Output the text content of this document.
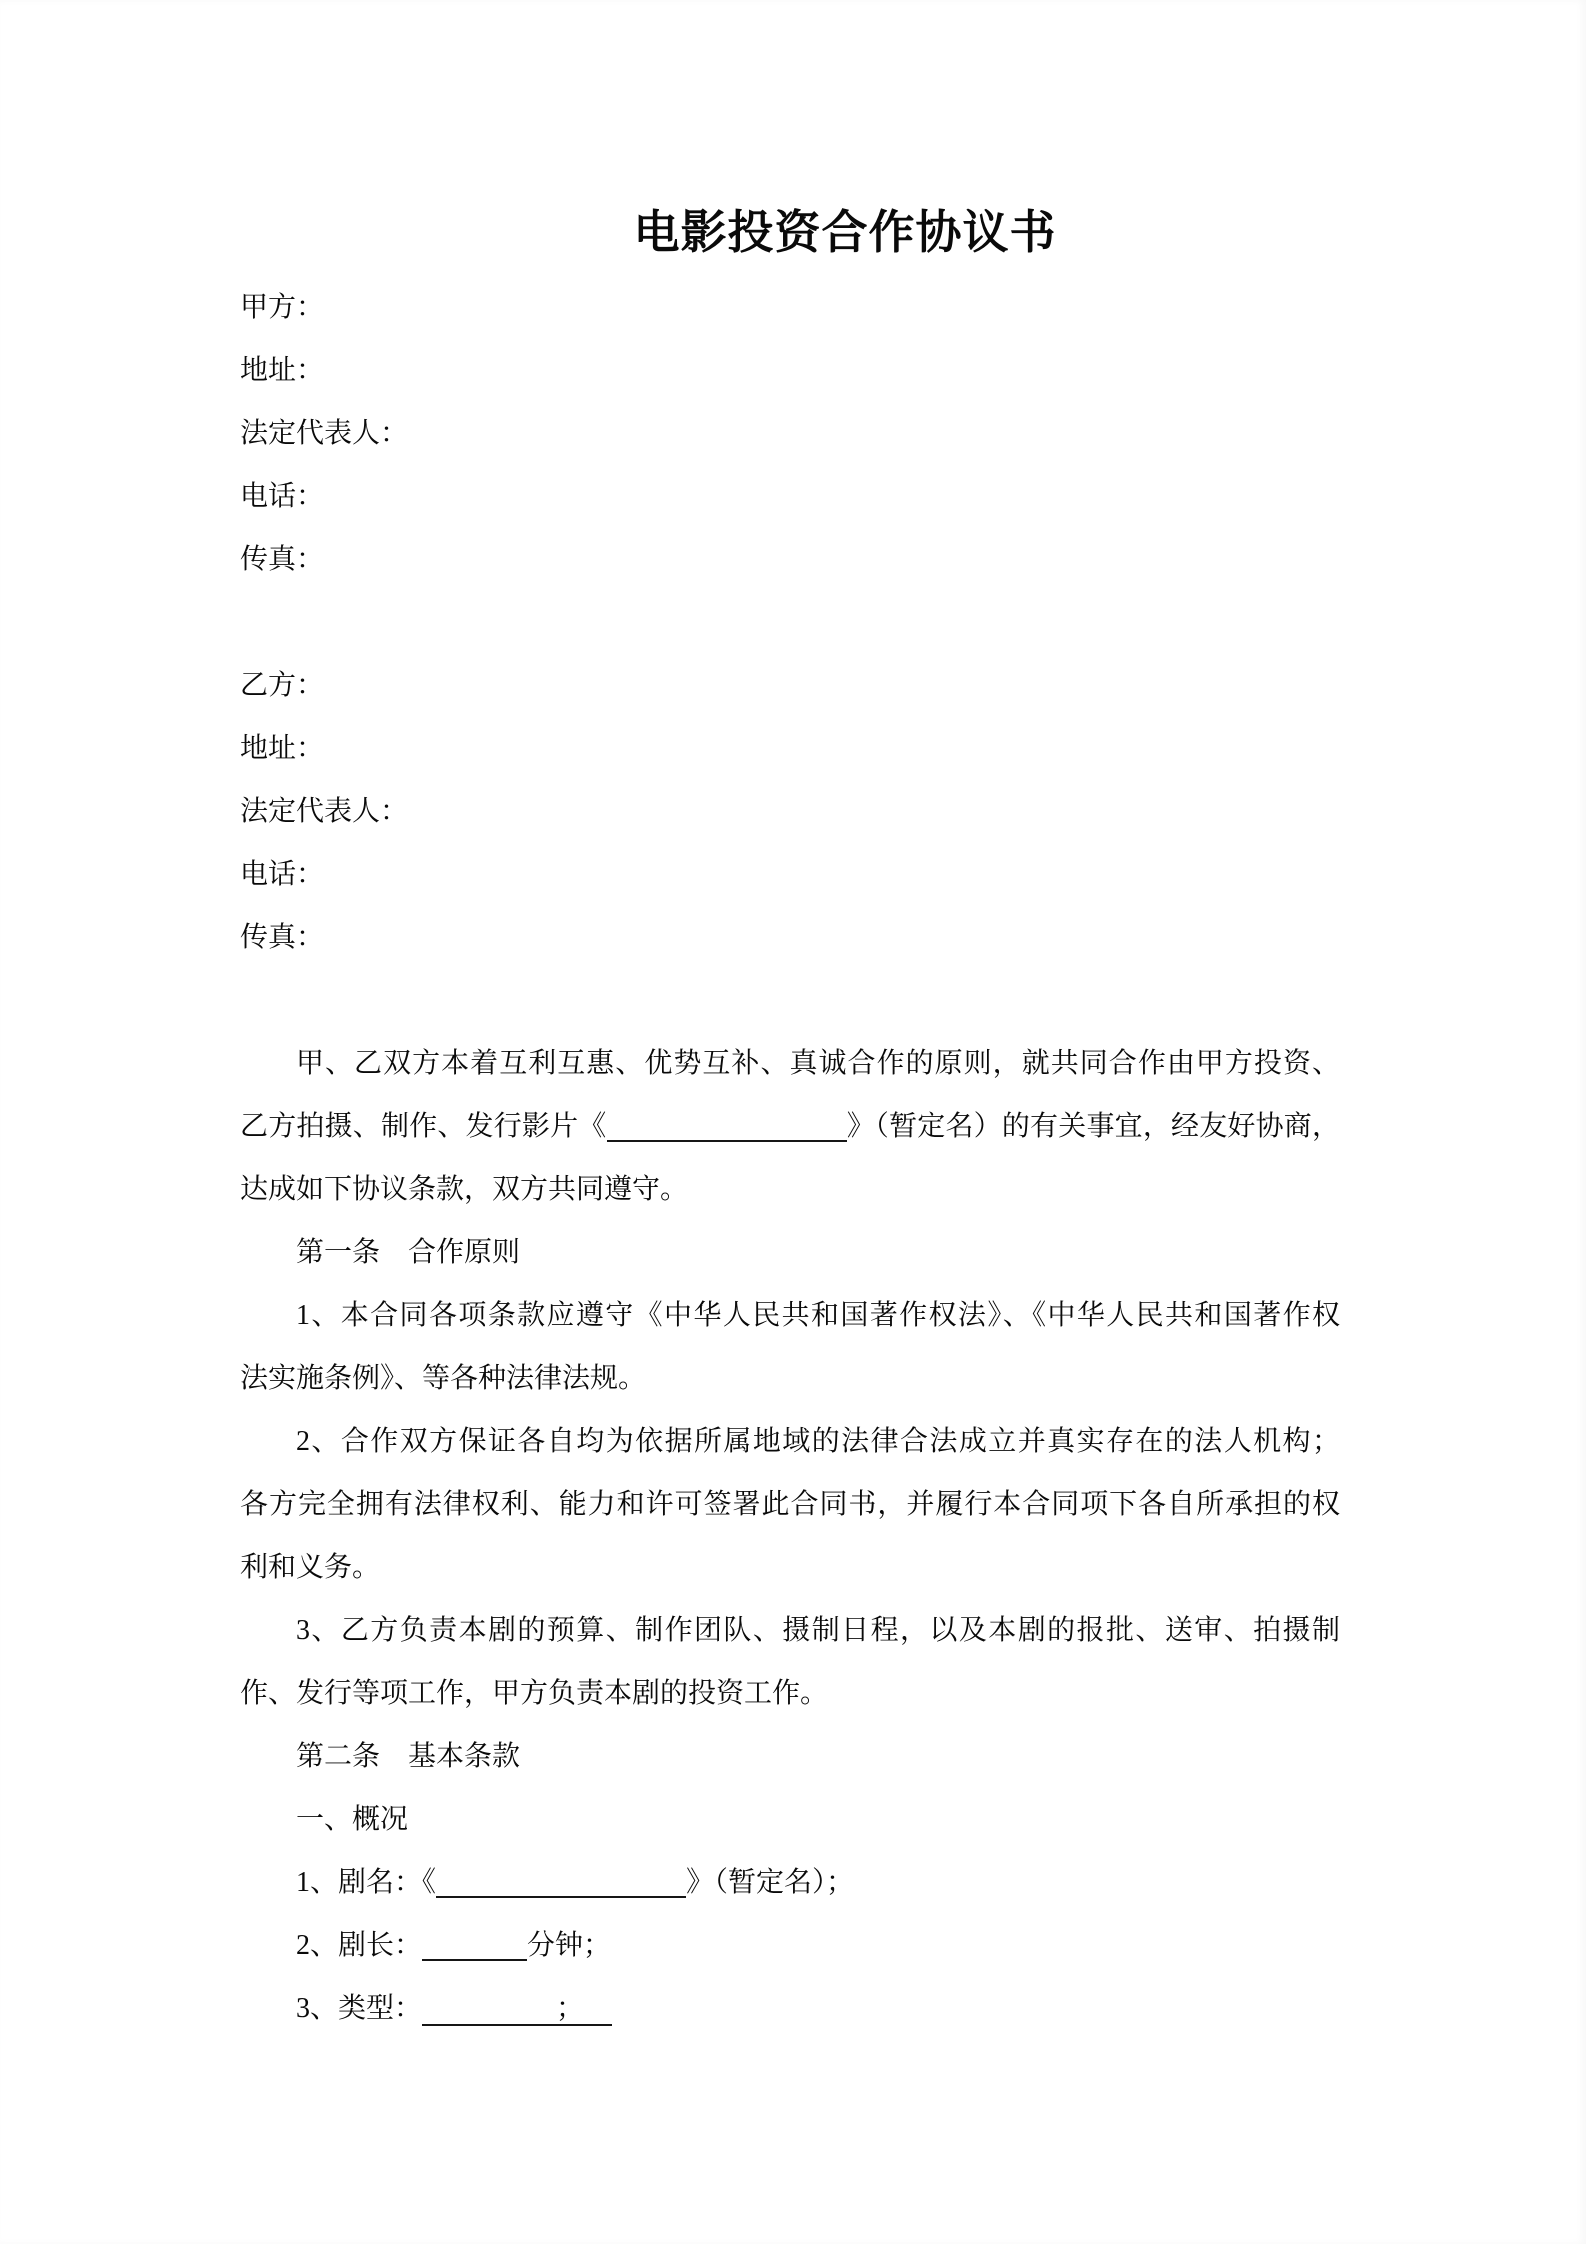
电影投资合作协议书
甲方：
地址：
法定代表人：
电话：
传真：

乙方：
地址：
法定代表人：
电话：
传真：

甲、乙双方本着互利互惠、优势互补、真诚合作的原则，就共同合作由甲方投资、
乙方拍摄、制作、发行影片《	》（暂定名）的有关事宜，经友好协商，
达成如下协议条款，双方共同遵守。
第一条　合作原则
1、本合同各项条款应遵守《中华人民共和国著作权法》、《中华人民共和国著作权
法实施条例》、等各种法律法规。
2、合作双方保证各自均为依据所属地域的法律合法成立并真实存在的法人机构；
各方完全拥有法律权利、能力和许可签署此合同书，并履行本合同项下各自所承担的权
利和义务。
3、乙方负责本剧的预算、制作团队、摄制日程，以及本剧的报批、送审、拍摄制
作、发行等项工作，甲方负责本剧的投资工作。
第二条　基本条款
一、概况
1、剧名：《	》（暂定名）；
2、剧长：	分钟；
3、类型：	；
